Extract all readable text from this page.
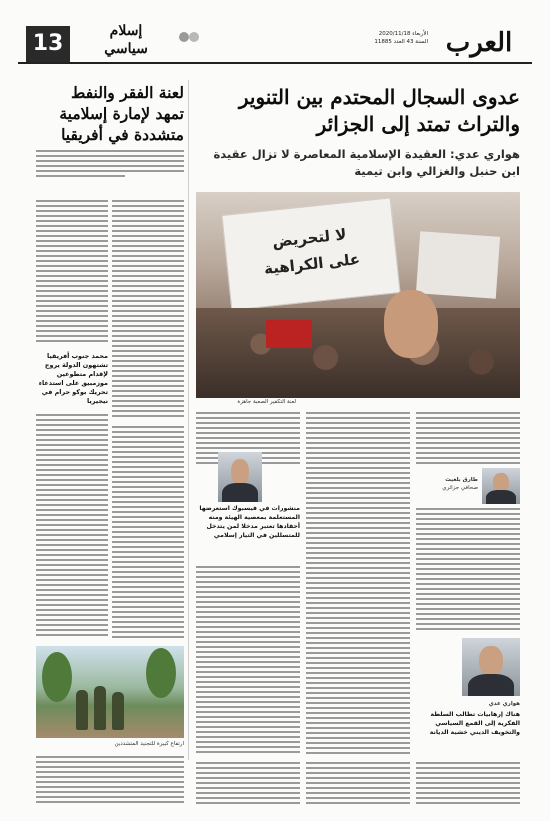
العرب
الأربعاء 2020/11/18
السنة 43 العدد 11885
13	إسلام
سياسي
عدوى السجال المحتدم بين التنوير
والتراث تمتد إلى الجزائر
هواري عدي: العقيدة الإسلامية المعاصرة لا تزال عقيدة
ابن حنبل والغزالي وابن تيمية
لعنة الفقر والنفط
تمهد لإمارة إسلامية
متشددة في أفريقيا
لا لتحريض
على الكراهية
لعنة التكفير الصعبة جاهزة
محمد جنوب أفريقيا تشتهون الدولة يروج لإقدام متطوعين موزمبيق على استدعاء تحريك بوكو حرام في نيجيريا
ارتفاع كبيرة للتجنيد المتشددين
منشورات في فيسبوك استعرضها المستعلمة بمعصية الهيئة ومنه أحقادها تعتبر مدخلا لمن يتدخل للمتسللين في التيار إسلامي
طارق بلغيث
صحافي جزائري
هواري عدي
هناك إرهابيات تطالب السلطة الفكرية إلى القمع السياسي والتخويف الديني خشية الديانة
